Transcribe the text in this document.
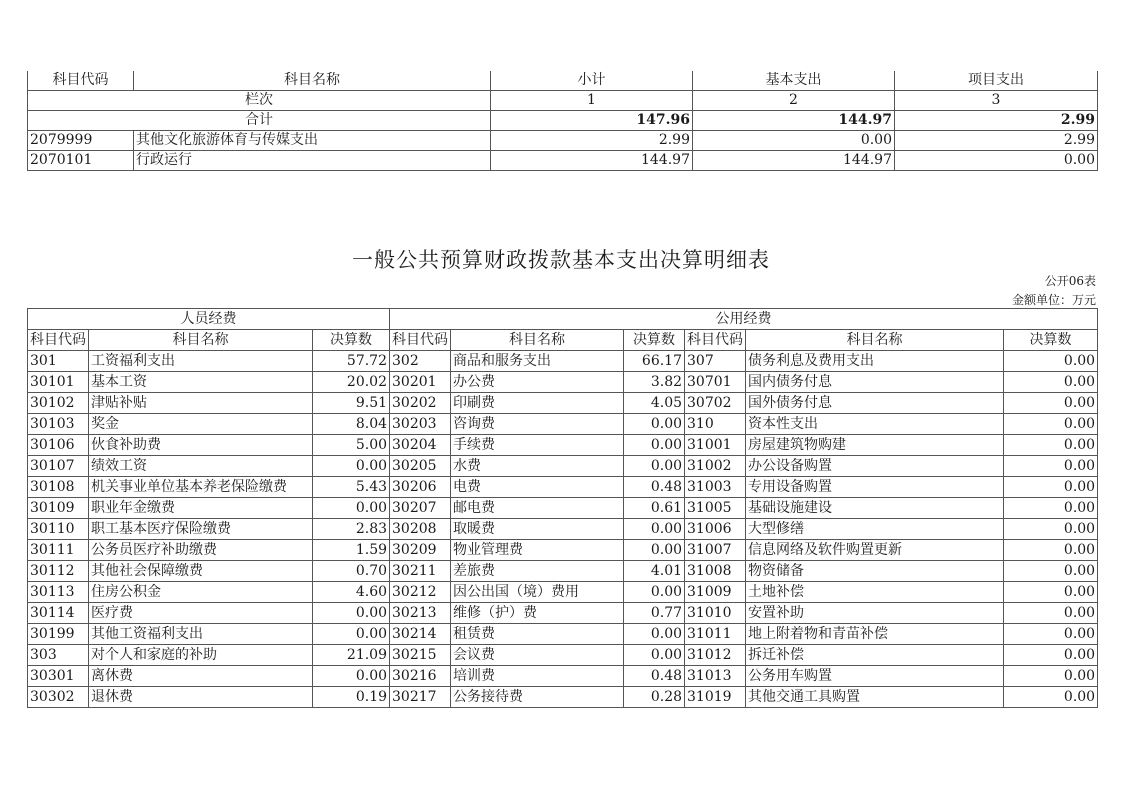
科目代码	科目名称	小计	基本支出	项目支出
栏次		1	2	3
合计		147.96	144.97	2.99
2079999	其他文化旅游体育与传媒支出	2.99	0.00	2.99
2070101	行政运行	144.97	144.97	0.00
一般公共预算财政拨款基本支出决算明细表
公开06表
金额单位：万元
人员经费			公用经费					
科目代码	科目名称	决算数	科目代码	科目名称	决算数	科目代码	科目名称	决算数
301	工资福利支出	57.72	302	商品和服务支出	66.17	307	债务利息及费用支出	0.00
30101	基本工资	20.02	30201	办公费	3.82	30701	国内债务付息	0.00
30102	津贴补贴	9.51	30202	印刷费	4.05	30702	国外债务付息	0.00
30103	奖金	8.04	30203	咨询费	0.00	310	资本性支出	0.00
30106	伙食补助费	5.00	30204	手续费	0.00	31001	房屋建筑物购建	0.00
30107	绩效工资	0.00	30205	水费	0.00	31002	办公设备购置	0.00
30108	机关事业单位基本养老保险缴费	5.43	30206	电费	0.48	31003	专用设备购置	0.00
30109	职业年金缴费	0.00	30207	邮电费	0.61	31005	基础设施建设	0.00
30110	职工基本医疗保险缴费	2.83	30208	取暖费	0.00	31006	大型修缮	0.00
30111	公务员医疗补助缴费	1.59	30209	物业管理费	0.00	31007	信息网络及软件购置更新	0.00
30112	其他社会保障缴费	0.70	30211	差旅费	4.01	31008	物资储备	0.00
30113	住房公积金	4.60	30212	因公出国（境）费用	0.00	31009	土地补偿	0.00
30114	医疗费	0.00	30213	维修（护）费	0.77	31010	安置补助	0.00
30199	其他工资福利支出	0.00	30214	租赁费	0.00	31011	地上附着物和青苗补偿	0.00
303	对个人和家庭的补助	21.09	30215	会议费	0.00	31012	拆迁补偿	0.00
30301	离休费	0.00	30216	培训费	0.48	31013	公务用车购置	0.00
30302	退休费	0.19	30217	公务接待费	0.28	31019	其他交通工具购置	0.00
